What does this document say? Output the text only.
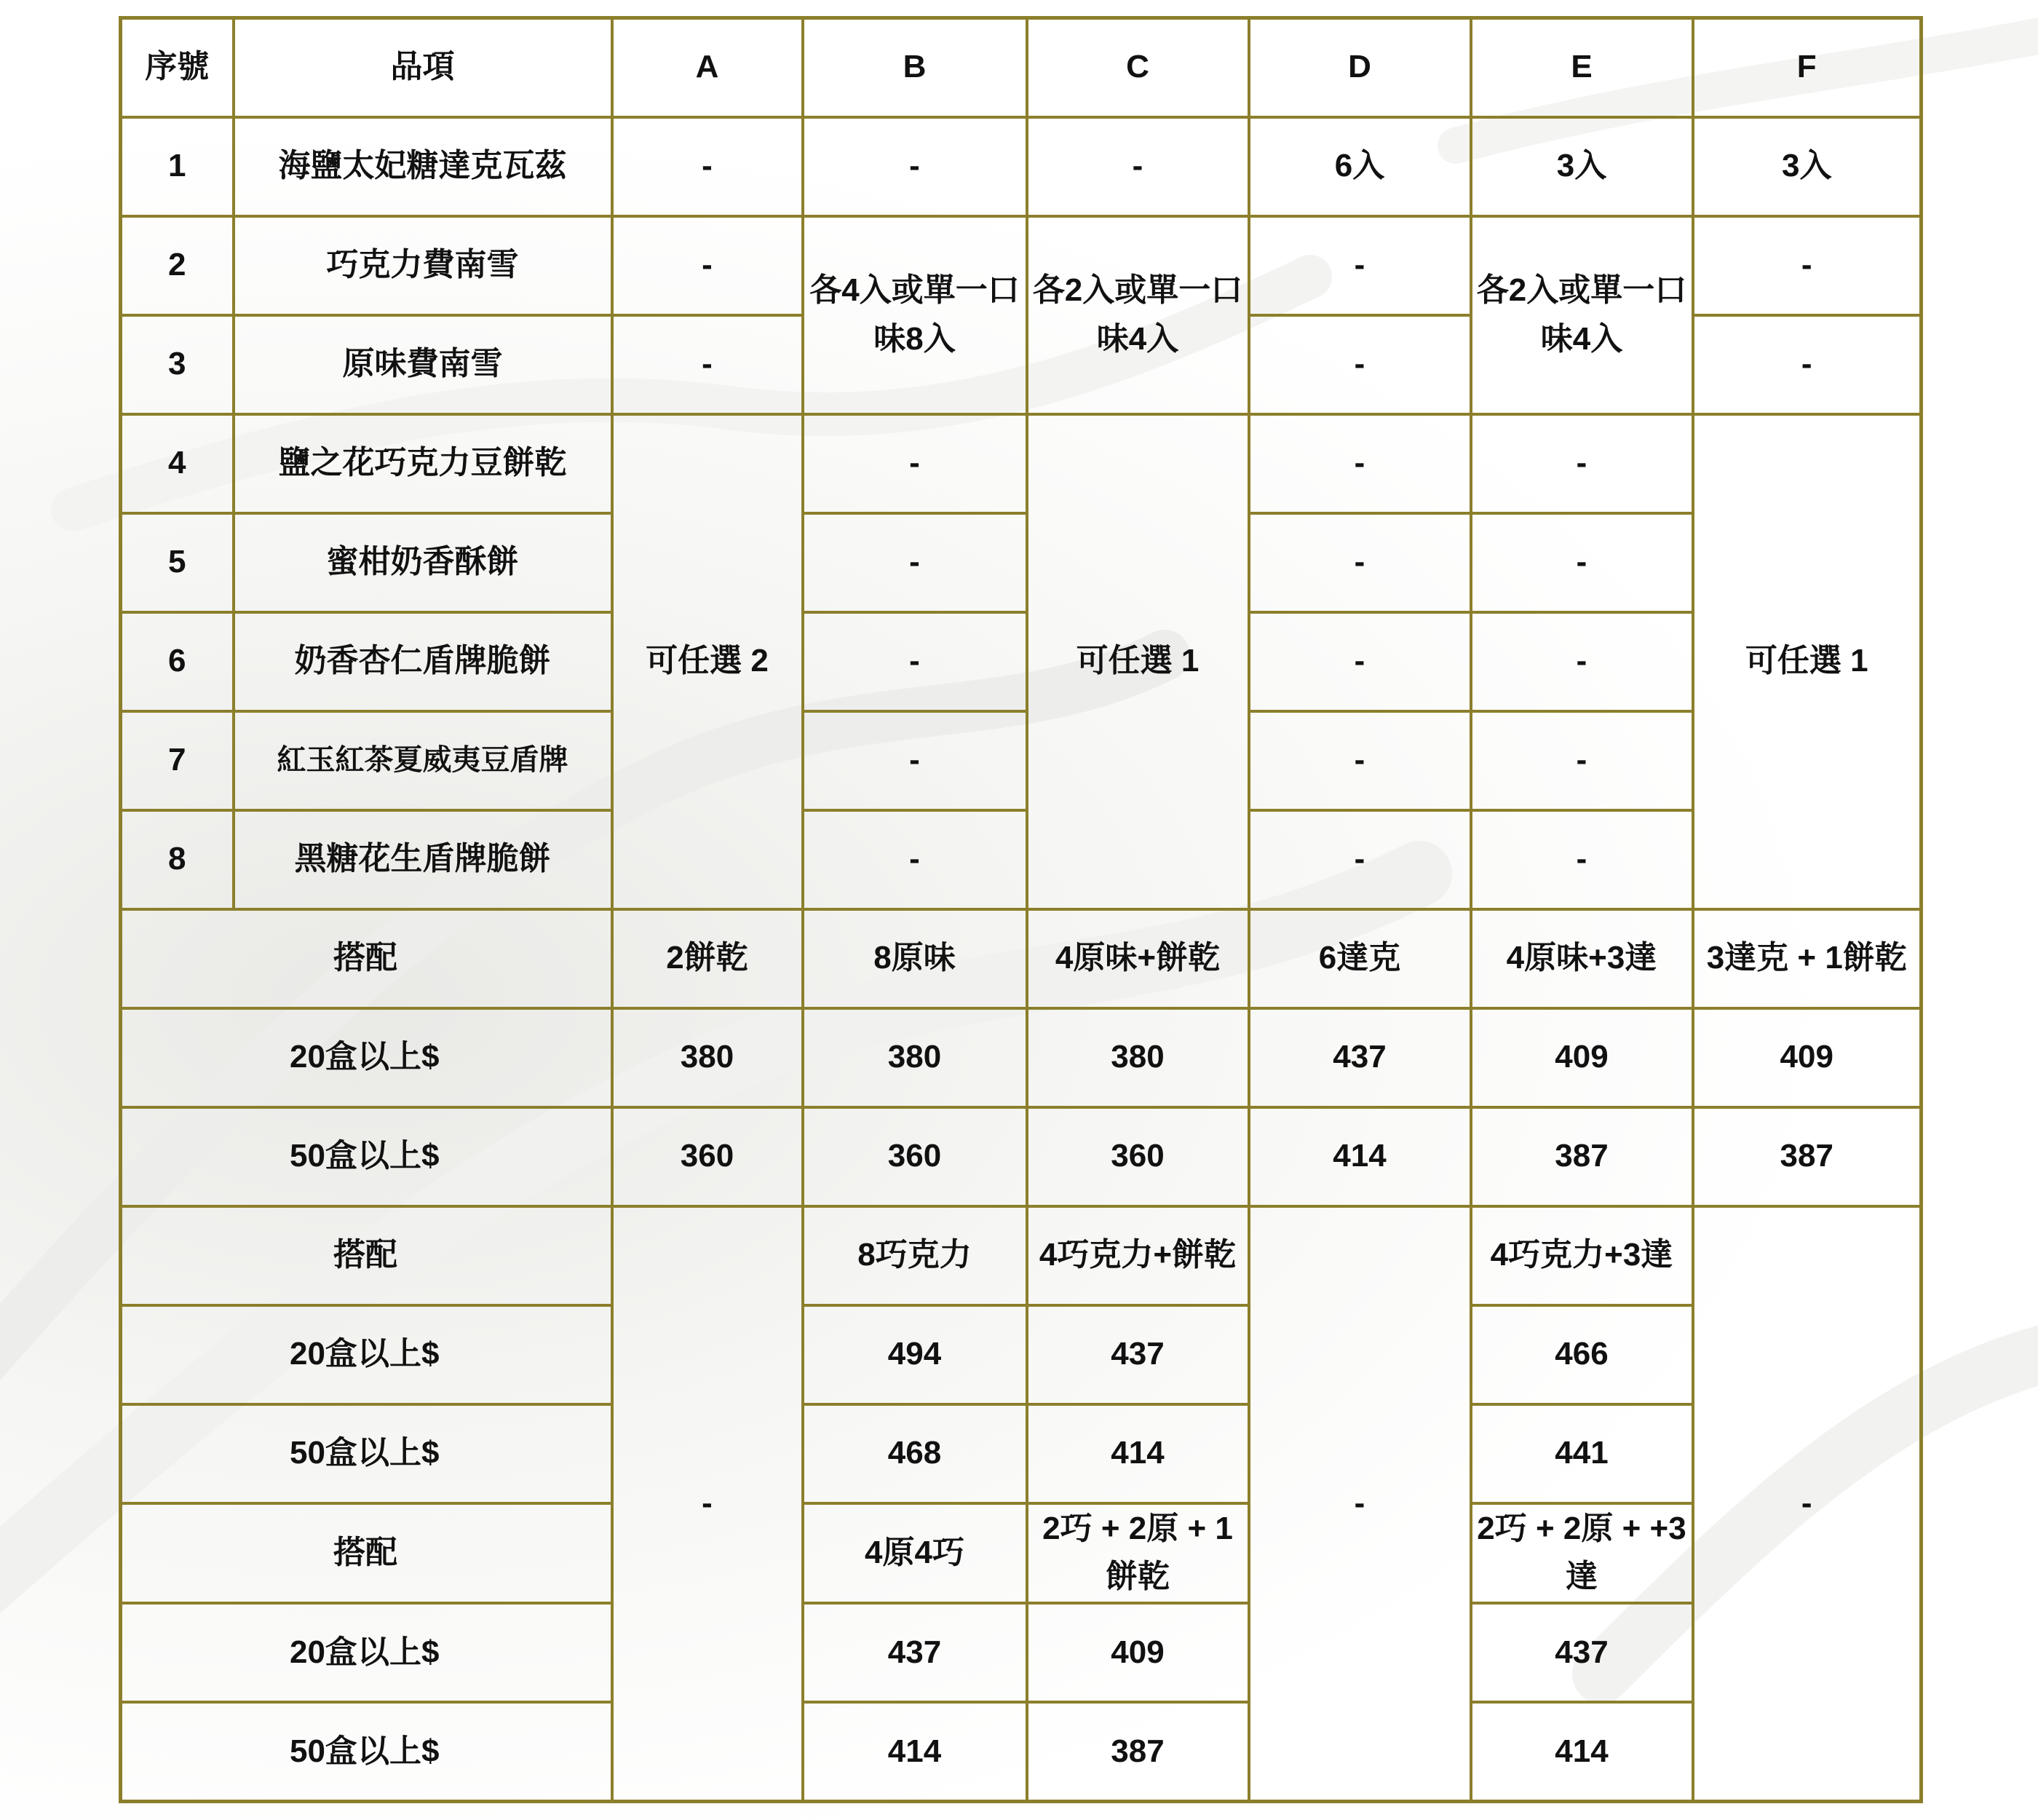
序號	品項	A	B	C	D	E	F
1	海鹽太妃糖達克瓦茲	-	-	-	6入	3入	3入
2	巧克力費南雪	-	各4入或單一口味8入	各2入或單一口味4入	-	各2入或單一口味4入	-
3	原味費南雪	-			-		-
4	鹽之花巧克力豆餅乾	可任選 2	-	可任選 1	-	-	可任選 1
5	蜜柑奶香酥餅		-		-	-	
6	奶香杏仁盾牌脆餅		-		-	-	
7	紅玉紅茶夏威夷豆盾牌		-		-	-	
8	黑糖花生盾牌脆餅		-		-	-	
搭配		2餅乾	8原味	4原味+餅乾	6達克	4原味+3達	3達克 + 1餅乾
20盒以上$		380	380	380	437	409	409
50盒以上$		360	360	360	414	387	387
搭配		-	8巧克力	4巧克力+餅乾	-	4巧克力+3達	-
20盒以上$			494	437		466	
50盒以上$			468	414		441	
搭配			4原4巧	2巧 + 2原 + 1餅乾		2巧 + 2原 + +3達	
20盒以上$			437	409		437	
50盒以上$			414	387		414	
